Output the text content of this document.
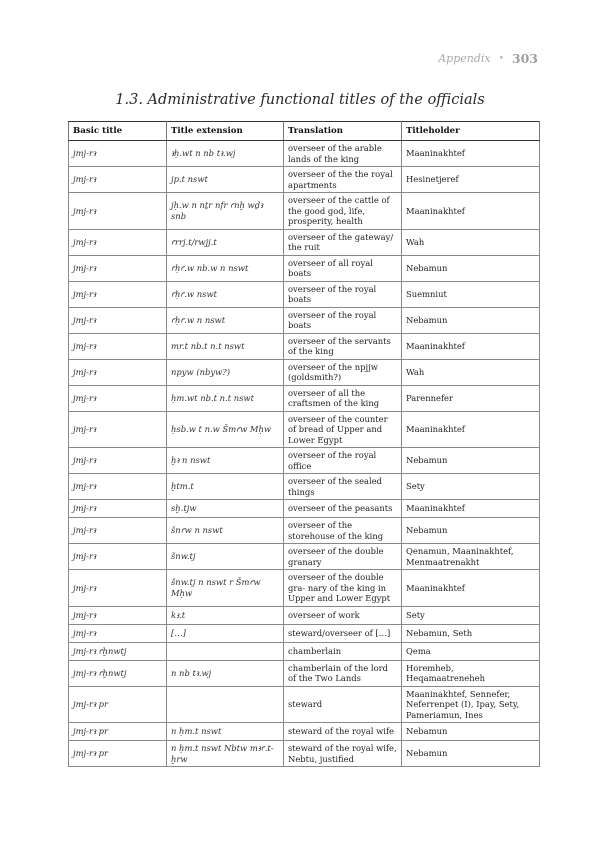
Appendix • 303
1.3. Administrative functional titles of the officials
Basic title	Title extension	Translation	Titleholder
jmj-rꜣ	ꜣḥ.wt n nb tꜣ.wj	overseer of the arable lands of the king	Maaninakhtef
jmj-rꜣ	jp.t nswt	overseer of the the royal apartments	Hesinetjeref
jmj-rꜣ	jḥ.w n nṯr nfr ꜥnḫ wḏꜣ snb	overseer of the cattle of the good god, life, prosperity, health	Maaninakhtef
jmj-rꜣ	ꜥrrj.t/rwjj.t	overseer of the gateway/ the ruit	Wah
jmj-rꜣ	ꜥḥꜥ.w nb.w n nswt	overseer of all royal boats	Nebamun
jmj-rꜣ	ꜥḥꜥ.w nswt	overseer of the royal boats	Suemniut
jmj-rꜣ	ꜥḥꜥ.w n nswt	overseer of the royal boats	Nebamun
jmj-rꜣ	mr.t nb.t n.t nswt	overseer of the servants of the king	Maaninakhtef
jmj-rꜣ	npyw (nbyw?)	overseer of the npjjw (goldsmith?)	Wah
jmj-rꜣ	ḥm.wt nb.t n.t nswt	overseer of all the craftsmen of the king	Parennefer
jmj-rꜣ	ḥsb.w t n.w Šmꜥw Mḥw	overseer of the counter of bread of Upper and Lower Egypt	Maaninakhtef
jmj-rꜣ	ḫꜣ n nswt	overseer of the royal office	Nebamun
jmj-rꜣ	ḫtm.t	overseer of the sealed things	Sety
jmj-rꜣ	sḫ.tjw	overseer of the peasants	Maaninakhtef
jmj-rꜣ	šnꜥw n nswt	overseer of the storehouse of the king	Nebamun
jmj-rꜣ	šnw.tj	overseer of the double granary	Qenamun, Maaninakhtef, Menmaatrenakht
jmj-rꜣ	šnw.tj n nswt r Šmꜥw Mḥw	overseer of the double gra- nary of the king in Upper and Lower Egypt	Maaninakhtef
jmj-rꜣ	kꜣ.t	overseer of work	Sety
jmj-rꜣ	[…]	steward/overseer of […]	Nebamun, Seth
jmj-rꜣ ꜥḫnwtj		chamberlain	Qema
jmj-rꜣ ꜥḫnwtj	n nb tꜣ.wj	chamberlain of the lord of the Two Lands	Horemheb, Heqamaatreneheh
jmj-rꜣ pr		steward	Maaninakhtef, Sennefer, Neferrenpet (I), Ipay, Sety, Pameriamun, Ines
jmj-rꜣ pr	n ḥm.t nswt	steward of the royal wife	Nebamun
jmj-rꜣ pr	n ḥm.t nswt Nbtw mꜣꜥ.t-ḫrw	steward of the royal wife, Nebtu, justified	Nebamun
